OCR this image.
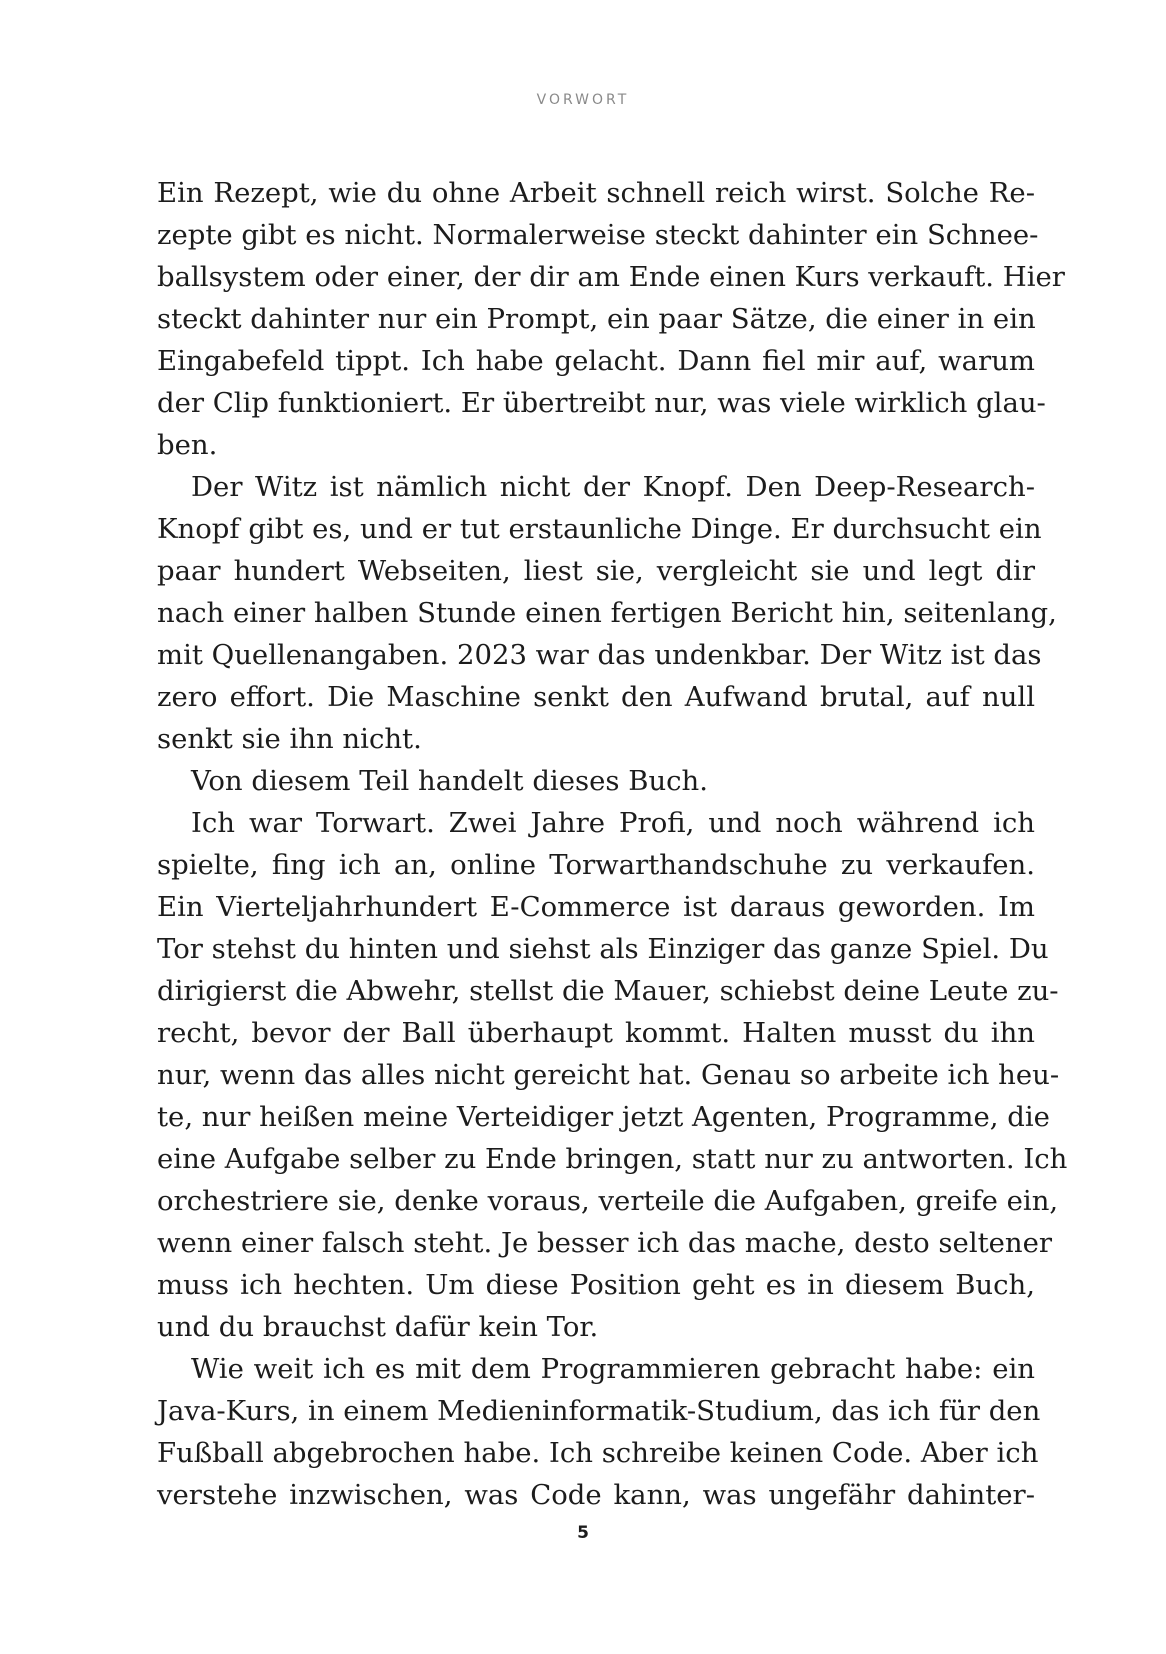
VORWORT
Ein Rezept, wie du ohne Arbeit schnell reich wirst. Solche Re-
zepte gibt es nicht. Normalerweise steckt dahinter ein Schnee-
ballsystem oder einer, der dir am Ende einen Kurs verkauft. Hier
steckt dahinter nur ein Prompt, ein paar Sätze, die einer in ein
Eingabefeld tippt. Ich habe gelacht. Dann fiel mir auf, warum
der Clip funktioniert. Er übertreibt nur, was viele wirklich glau-
ben.
Der Witz ist nämlich nicht der Knopf. Den Deep-Research-
Knopf gibt es, und er tut erstaunliche Dinge. Er durchsucht ein
paar hundert Webseiten, liest sie, vergleicht sie und legt dir
nach einer halben Stunde einen fertigen Bericht hin, seitenlang,
mit Quellenangaben. 2023 war das undenkbar. Der Witz ist das
zero effort. Die Maschine senkt den Aufwand brutal, auf null
senkt sie ihn nicht.
Von diesem Teil handelt dieses Buch.
Ich war Torwart. Zwei Jahre Profi, und noch während ich
spielte, fing ich an, online Torwarthandschuhe zu verkaufen.
Ein Vierteljahrhundert E-Commerce ist daraus geworden. Im
Tor stehst du hinten und siehst als Einziger das ganze Spiel. Du
dirigierst die Abwehr, stellst die Mauer, schiebst deine Leute zu-
recht, bevor der Ball überhaupt kommt. Halten musst du ihn
nur, wenn das alles nicht gereicht hat. Genau so arbeite ich heu-
te, nur heißen meine Verteidiger jetzt Agenten, Programme, die
eine Aufgabe selber zu Ende bringen, statt nur zu antworten. Ich
orchestriere sie, denke voraus, verteile die Aufgaben, greife ein,
wenn einer falsch steht. Je besser ich das mache, desto seltener
muss ich hechten. Um diese Position geht es in diesem Buch,
und du brauchst dafür kein Tor.
Wie weit ich es mit dem Programmieren gebracht habe: ein
Java-Kurs, in einem Medieninformatik-Studium, das ich für den
Fußball abgebrochen habe. Ich schreibe keinen Code. Aber ich
verstehe inzwischen, was Code kann, was ungefähr dahinter-
5
